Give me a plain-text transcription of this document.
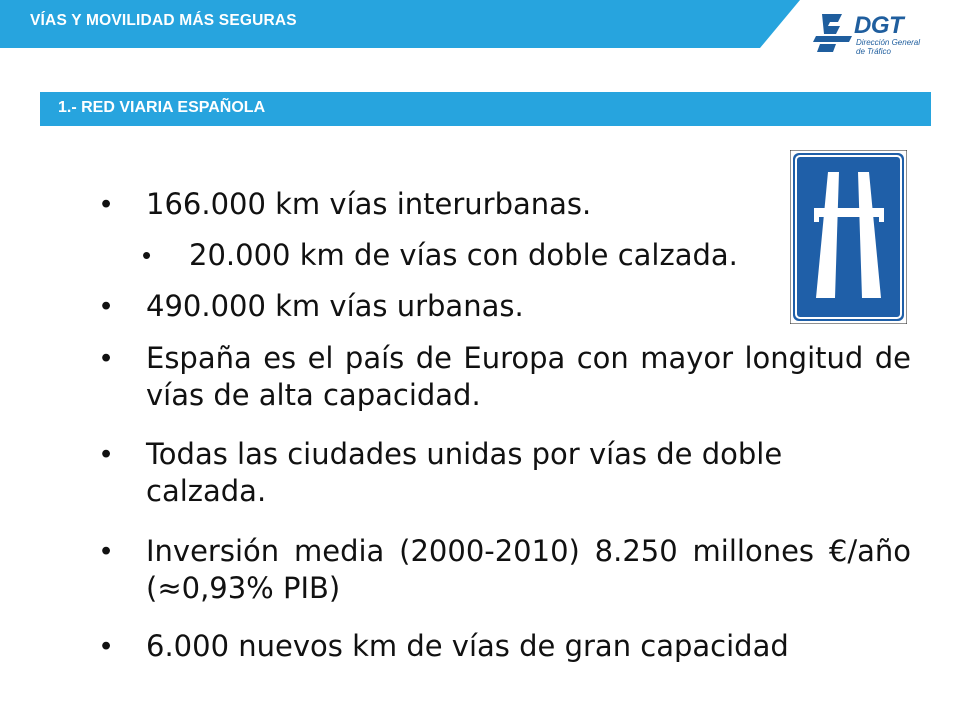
VÍAS Y MOVILIDAD MÁS SEGURAS	DGT
Dirección General
de Tráfico
1.- RED VIARIA ESPAÑOLA
• 166.000 km vías interurbanas.
• 20.000 km de vías con doble calzada.
• 490.000 km vías urbanas.
• España es el país de Europa con mayor longitud de vías de alta capacidad.
• Todas las ciudades unidas por vías de doble calzada.
• Inversión media (2000-2010) 8.250 millones €/año (≈0,93% PIB)
• 6.000 nuevos km de vías de gran capacidad
